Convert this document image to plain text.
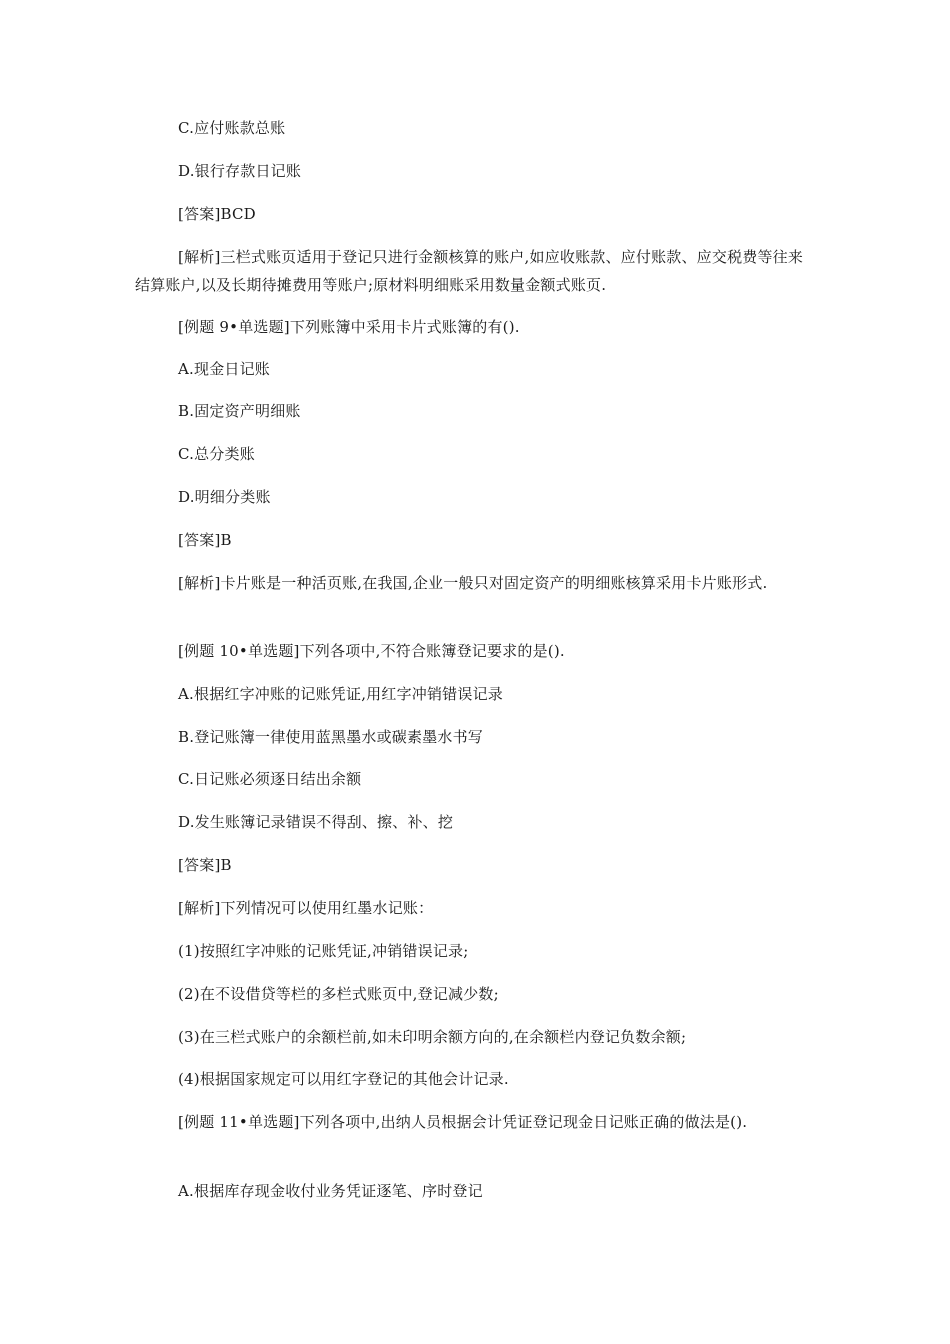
C.应付账款总账
D.银行存款日记账
[答案]BCD
[解析]三栏式账页适用于登记只进行金额核算的账户,如应收账款、应付账款、应交税费等往来结算账户,以及长期待摊费用等账户;原材料明细账采用数量金额式账页.
[例题 9•单选题]下列账簿中采用卡片式账簿的有().
A.现金日记账
B.固定资产明细账
C.总分类账
D.明细分类账
[答案]B
[解析]卡片账是一种活页账,在我国,企业一般只对固定资产的明细账核算采用卡片账形式.
[例题 10•单选题]下列各项中,不符合账簿登记要求的是().
A.根据红字冲账的记账凭证,用红字冲销错误记录
B.登记账簿一律使用蓝黑墨水或碳素墨水书写
C.日记账必须逐日结出余额
D.发生账簿记录错误不得刮、擦、补、挖
[答案]B
[解析]下列情况可以使用红墨水记账：
(1)按照红字冲账的记账凭证,冲销错误记录;
(2)在不设借贷等栏的多栏式账页中,登记减少数;
(3)在三栏式账户的余额栏前,如未印明余额方向的,在余额栏内登记负数余额;
(4)根据国家规定可以用红字登记的其他会计记录.
[例题 11•单选题]下列各项中,出纳人员根据会计凭证登记现金日记账正确的做法是().
A.根据库存现金收付业务凭证逐笔、序时登记
